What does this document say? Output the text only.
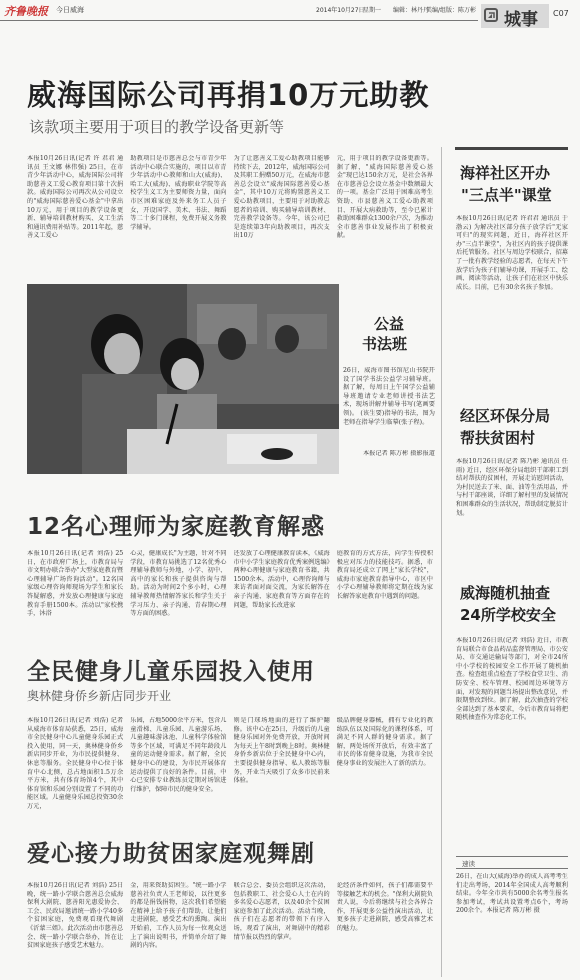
齐鲁晚报 今日威海	2014年10月27日
星期一 编辑：林丹丹
美编/组版：陈万彬 城事 C07
威海国际公司再捐10万元助教
该款项主要用于项目的教学设备更新等
本报10月26日讯(记者 许 君君 通讯员 王文娜 林伟强) 25日，在市青少年活动中心，威海国际公司将助慈善义工爱心教育项目第十次捐款。威海国际公司再次从公司设立的"威海国际慈善爱心基金"中拿出10万元，用于项目的教学设备更新、辅导培训教材购买、义工生活和通讯费用补贴等。2011年起，慈善义工爱心
助教项目是市慈善总会与市青少年活动中心联合实施的，项目以市青少年活动中心教师和山大(威海)、哈工大(威海)、威海职业学院等高校学生义工为主要师资力量，面向市区困难家庭及外来务工人员子女，开设国学、美术、书法、舞蹈等二十多门课程，免费开展义务教学辅导。
为了让慈善义工爱心助教项目能够持续下去，2012年，威海国际公司及其职工捐赠50万元，在威海市慈善总会设立"威海国际慈善爱心基金"，其中10万元将购置慈善义工爱心助教项目，主要用于对助教志愿者的培训、购买辅导培训教材、完善教学设备等。今年，该公司已是连续第3年向助教项目，再次支出10万
元，用于项目的教学设备更新等。据了解，"威海国际慈善爱心基金"现已达150余万元，是社会各界在市慈善总会设立基金中数额最大的一项。基金广泛用于困难高考生资助、市县慈善义工爱心助教项目、开展大病救助等，至今已累计救助困难群众1300余户次，为推动全市慈善事业发展作出了积极贡献。
公益
书法班
26日，威海市图书馆尼山书院开设了国学书法公益学习辅导班。据了解，每周日上午国学公益辅导班邀请专业老师讲授书法艺术，现场讲解并辅导书写(笔画要领)。 (该生要)指导的书法，图为老师在指导学生临摹(张子程)。
本报记者 陈万彬 摄影报道
12名心理师为家庭教育解惑
本报10月26日讯(记者 刘浩) 25日，在市政府广场上，市教育局与市文明办联合举办"大型家庭教育暨心理辅导广场咨询活动"。12名国家级心理咨询师现场为学生和家长答疑解惑，并发放心理健康与家庭教育手册1500本。活动以"家校携手，沐浴
心灵，健康成长"为主题，针对不同学段，市教育局挑选了12名优秀心理辅导教师与外地，小学、初中、高中的家长和孩子提供咨询与帮助。活动为时间2个多小时，心理辅导教师热情解答家长和学生关于学习压力、亲子沟通、青春期心理等方面的困惑。
还发放了心理健康教育读本，《威海市中小学生家庭教育优秀案例选编》两种心理健康与家庭教育书籍，共1500余本。活动中，心理咨询师与来访者面对面交流，为家长解答在亲子沟通、家庭教育等方面存在的问题，帮助家长改进家
庭教育的方式方法，向学生传授积极应对压力的技能技巧。据悉，市教育局还成立了网上"家长学校"，威海市家庭教育指导中心，市区中小学心理辅导教师将定期在线为家长解答家庭教育中遇到的问题。
全民健身儿童乐园投入使用
奥林健身侨乡新店同步开业
本报10月26日讯(记者 刘浩) 记者从威海市体育局获悉，25日，威海市全民健身中心儿童健身乐园正式投入使用，同一天，奥林健身侨乡新店同步开业，为市民提供健身、休息等服务。全民健身中心位于体育中心北侧，总占地面积1.5万余平方米，共有体育场馆4个，其中体育馆和乐园分别设置了不同的功能区域。儿童健身乐园总投资30余万元，
乐园，占地5000余平方米，包含儿童滑梯、儿童乐园、儿童游乐场、儿童趣味游泳池、儿童科学体验馆等多个区域，可满足不同年龄段儿童的运动健身需求。据了解，全民健身中心的建设，为市民开展体育运动提供了良好的条件。目前，中心已安排专业教练员定期对场馆进行维护，保障市民的健身安全。
则是门球场地面的进行了维护翻修。该中心在25日，升级后的儿童健身乐园对外免费开放，开放时间为每天上午8时到晚上8时。奥林健身侨乡新店位于全民健身中心内，主要提供健身指导、私人教练等服务，开业当天吸引了众多市民前来体验。
级品牌健身器械，拥有专业化的教练队伍以及国际化的课程体系，可满足不同人群的健身需求。据了解，两处场所开放后，有效丰富了市民的体育健身设施，为我市全民健身事业的发展注入了新的活力。
爱心接力助贫困家庭观舞剧
本报10月26日讯(记者 刘浩) 25日晚，统一路小学联合慈善总会威海保利大剧院、慈善阳光惠爱协会、工会、民政局邀请统一路小学40多个贫困家庭，免费观看现代舞剧《沂蒙三姐》。此次活动由市慈善总会、统一路小学联合举办，旨在让贫困家庭孩子感受艺术魅力。
金，用来资助贫困生。"统一路小学慈善社负责人王老师说，以往更多的都是捐钱捐物，这次我们希望能在精神上给予孩子们帮助，让他们走进剧院，感受艺术的熏陶。演出开始前，工作人员为每一位观众送上了演出说明书，并简单介绍了舞剧的内容。
联合总会、委员会组织这次活动，包括教职工、社会爱心人士在内的多名爱心志愿者，以及40余个贫困家庭参加了此次活动。活动当晚，孩子们在志愿者的带领下有序入场，观看了演出，对舞剧中的精彩情节报以热烈的掌声。
论经济条件如何，孩子们都需要平等接触艺术的机会。"保利大剧院负责人说，今后将继续与社会各界合作，开展更多公益性演出活动，让更多孩子走进剧院，感受高雅艺术的魅力。
海祥社区开办
"三点半"课堂
本报10月26日讯(记者 许君君 通讯员 于渤云) 为解决社区部分孩子放学后"无家可归"的现实问题，近日，海祥社区开办"三点半课堂"，为社区内的孩子提供课后托管服务。社区与周边学校联合，招募了一批有教学经验的志愿者，在每天下午放学后为孩子们辅导功课，开展手工、绘画、阅读等活动，让孩子们在社区中快乐成长。目前，已有30余名孩子参加。
经区环保分局
帮扶贫困村
本报10月26日讯(记者 陈乃彬 通讯员 任雨) 近日，经区环保分局组织干部职工到结对帮扶的贫困村，开展走访慰问活动，为村民送去了米、面、油等生活用品，并与村干部座谈，详细了解村里的发展情况和困难群众的生活状况，帮助制定脱贫计划。
威海随机抽查
24所学校安全
本报10月26日讯(记者 刘浩) 近日，市教育局联合市食品药品监督管理局、市公安局、市交通运输局等部门，对全市24所中小学校的校园安全工作开展了随机抽查。检查组重点检查了学校食堂卫生、消防安全、校车管理、校园周边环境等方面，对发现的问题当场提出整改意见，并限期整改到位。据了解，此次抽查的学校全部达到了基本要求，今后市教育局将把随机抽查作为常态化工作。
速读
26日，在山大(威海)举办的成人高考考生们走出考场，2014年全国成人高考顺利结束。今年全市共有5000余名考生报名参加考试，考试共设置考点6个，考场200余个。本报记者 陈万彬 摄
